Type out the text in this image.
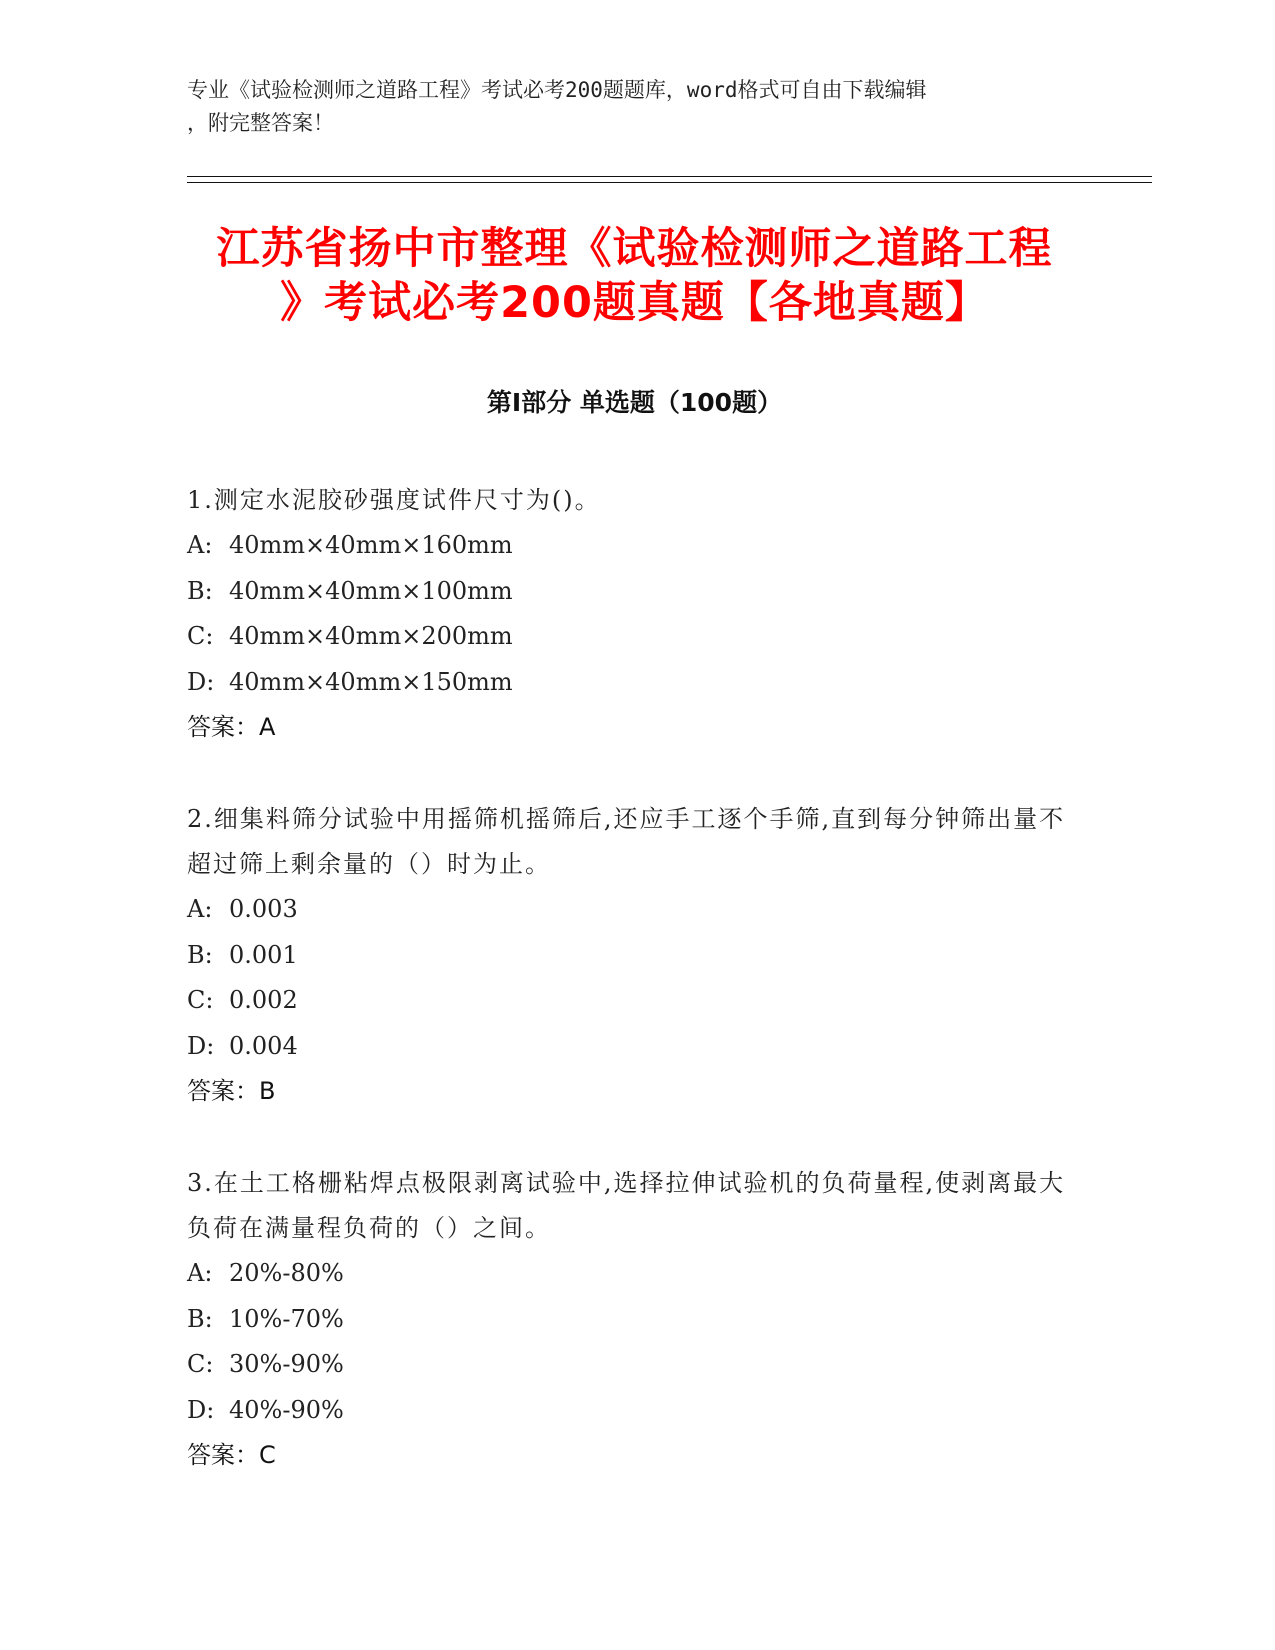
专业《试验检测师之道路工程》考试必考200题题库，word格式可自由下载编辑

，附完整答案！

江苏省扬中市整理《试验检测师之道路工程
》考试必考200题真题【各地真题】
第I部分 单选题（100题）

1.测定水泥胶砂强度试件尺寸为()。

A: 40mm×40mm×160mm

B: 40mm×40mm×100mm

C: 40mm×40mm×200mm

D: 40mm×40mm×150mm

答案：A

2.细集料筛分试验中用摇筛机摇筛后,还应手工逐个手筛,直到每分钟筛出量不超过筛上剩余量的（）时为止。

A: 0.003

B: 0.001

C: 0.002

D: 0.004

答案：B

3.在土工格栅粘焊点极限剥离试验中,选择拉伸试验机的负荷量程,使剥离最大负荷在满量程负荷的（）之间。

A: 20%-80%

B: 10%-70%

C: 30%-90%

D: 40%-90%

答案：C
